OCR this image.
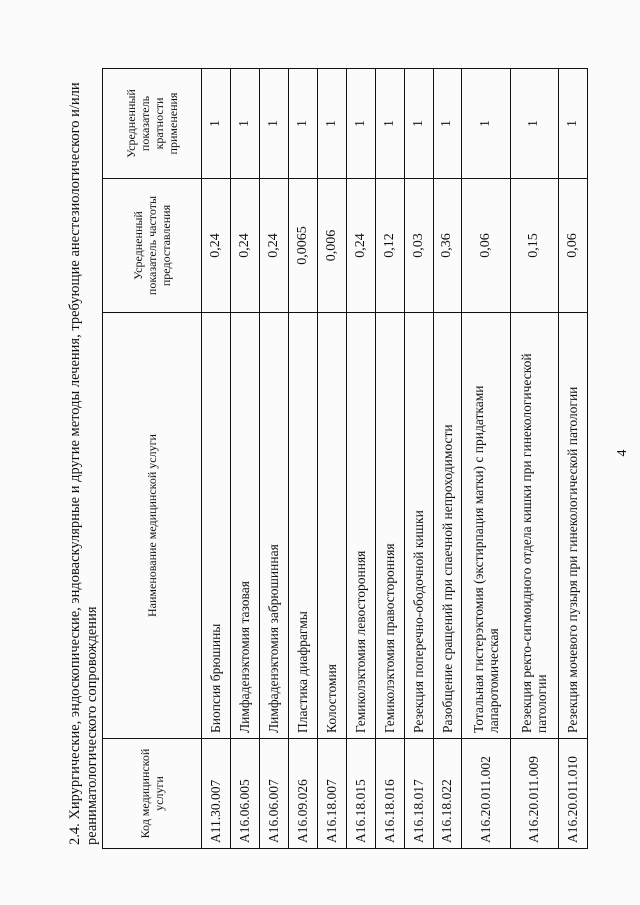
4
2.4. Хирургические, эндоскопические, эндоваскулярные и другие методы лечения, требующие анестезиологического и/или реаниматологического сопровождения	Код медицинской услуги	Наименование медицинской услуги	Усредненный показатель частоты предоставления	Усредненный показатель кратности применения
A11.30.007	Биопсия брюшины	0,24	1
A16.06.005	Лимфаденэктомия тазовая	0,24	1
A16.06.007	Лимфаденэктомия забрюшинная	0,24	1
A16.09.026	Пластика диафрагмы	0,0065	1
A16.18.007	Колостомия	0,006	1
A16.18.015	Гемиколэктомия левосторонняя	0,24	1
A16.18.016	Гемиколэктомия правосторонняя	0,12	1
A16.18.017	Резекция поперечно-ободочной кишки	0,03	1
A16.18.022	Разобщение сращений при спаечной непроходимости	0,36	1
A16.20.011.002	Тотальная гистерэктомия (экстирпация матки) с придатками лапаротомическая	0,06	1
A16.20.011.009	Резекция ректо-сигмоидного отдела кишки при гинекологической патологии	0,15	1
A16.20.011.010	Резекция мочевого пузыря при гинекологической патологии	0,06	1
